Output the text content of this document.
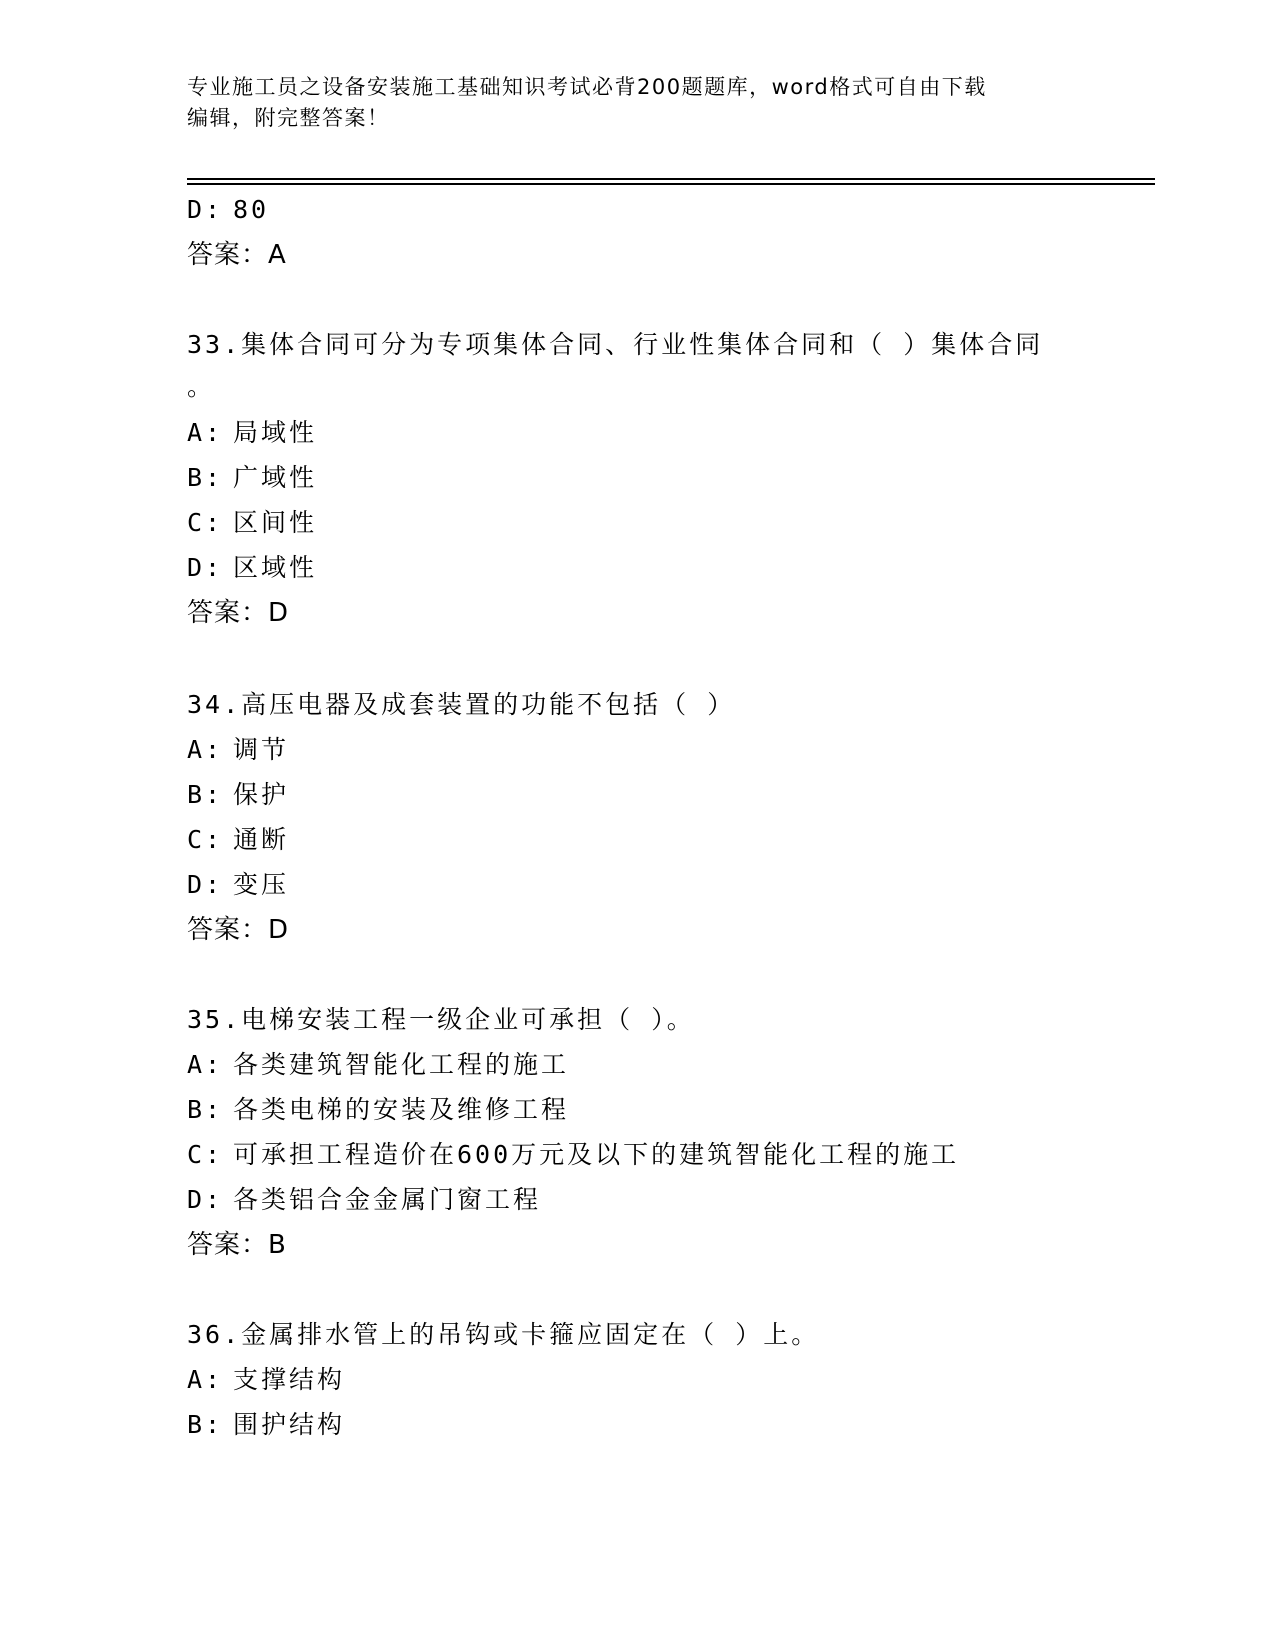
专业施工员之设备安装施工基础知识考试必背200题题库，word格式可自由下载
编辑，附完整答案！
D: 80
答案：A
33.集体合同可分为专项集体合同、行业性集体合同和（ ）集体合同
。
A: 局域性
B: 广域性
C: 区间性
D: 区域性
答案：D
34.高压电器及成套装置的功能不包括（ ）
A: 调节
B: 保护
C: 通断
D: 变压
答案：D
35.电梯安装工程一级企业可承担（ ）。
A: 各类建筑智能化工程的施工
B: 各类电梯的安装及维修工程
C: 可承担工程造价在600万元及以下的建筑智能化工程的施工
D: 各类铝合金金属门窗工程
答案：B
36.金属排水管上的吊钩或卡箍应固定在（ ）上。
A: 支撑结构
B: 围护结构
